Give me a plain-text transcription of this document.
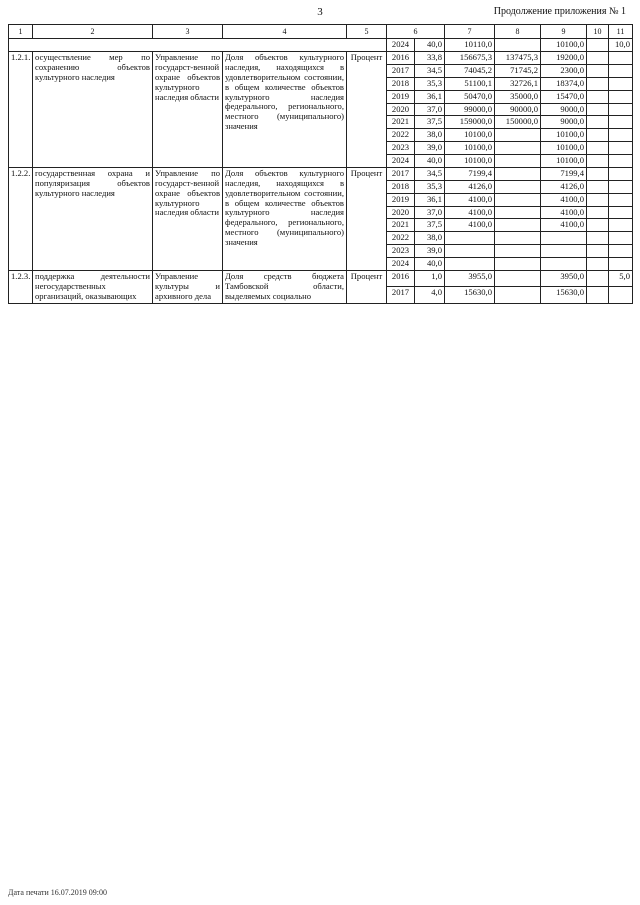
3	Продолжение приложения № 1
1	2	3	4	5	6		7	8	9	10	11
					2024	40,0	10110,0		10100,0		10,0
1.2.1.	осуществление мер по сохранению объектов культурного наследия	Управление по государст-венной охране объектов культурного наследия области	Доля объектов культурного наследия, находящихся в удовлетворительном состоянии, в общем количестве объектов культурного наследия федерального, регионального, местного (муниципального) значения	Процент	2016	33,8	156675,3	137475,3	19200,0		
					2017	34,5	74045,2	71745,2	2300,0		
					2018	35,3	51100,1	32726,1	18374,0		
					2019	36,1	50470,0	35000,0	15470,0		
					2020	37,0	99000,0	90000,0	9000,0		
					2021	37,5	159000,0	150000,0	9000,0		
					2022	38,0	10100,0		10100,0		
					2023	39,0	10100,0		10100,0		
					2024	40,0	10100,0		10100,0		
1.2.2.	государственная охрана и популяризация объектов культурного наследия	Управление по государст-венной охране объектов культурного наследия области	Доля объектов культурного наследия, находящихся в удовлетворительном состоянии, в общем количестве объектов культурного наследия федерального, регионального, местного (муниципального) значения	Процент	2017	34,5	7199,4		7199,4		
					2018	35,3	4126,0		4126,0		
					2019	36,1	4100,0		4100,0		
					2020	37,0	4100,0		4100,0		
					2021	37,5	4100,0		4100,0		
					2022	38,0					
					2023	39,0					
					2024	40,0					
1.2.3.	поддержка деятельности негосударственных организаций, оказывающих	Управление культуры и архивного дела	Доля средств бюджета Тамбовской области, выделяемых социально	Процент	2016	1,0	3955,0		3950,0		5,0
					2017	4,0	15630,0		15630,0		
Дата печати 16.07.2019 09:00
